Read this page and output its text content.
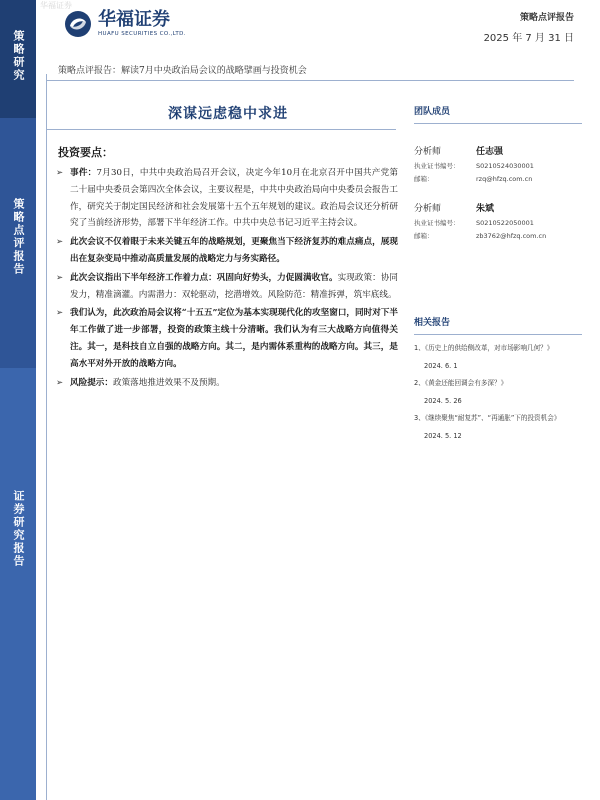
策略研究
策略点评报告
证券研究报告
华福证券
华福证券
HUAFU SECURITIES CO.,LTD.
策略点评报告
2025 年 7 月 31 日
策略点评报告：解读7月中央政治局会议的战略擘画与投资机会
深谋远虑稳中求进
投资要点：
➢ 事件：7月30日，中共中央政治局召开会议，决定今年10月在北京召开中国共产党第二十届中央委员会第四次全体会议，主要议程是，中共中央政治局向中央委员会报告工作，研究关于制定国民经济和社会发展第十五个五年规划的建议。政治局会议还分析研究了当前经济形势，部署下半年经济工作。中共中央总书记习近平主持会议。
➢ 此次会议不仅着眼于未来关键五年的战略规划，更聚焦当下经济复苏的难点痛点，展现出在复杂变局中推动高质量发展的战略定力与务实路径。
➢ 此次会议指出下半年经济工作着力点：巩固向好势头，力促圆满收官。实现政策：协同发力，精准滴灌。内需潜力：双轮驱动，挖潜增效。风险防范：精准拆弹，筑牢底线。
➢ 我们认为，此次政治局会议将“十五五”定位为基本实现现代化的攻坚窗口，同时对下半年工作做了进一步部署，投资的政策主线十分清晰。我们认为有三大战略方向值得关注。其一，是科技自立自强的战略方向。其二，是内需体系重构的战略方向。其三，是高水平对外开放的战略方向。
➢ 风险提示：政策落地推进效果不及预期。
团队成员
分析师	任志强
执业证书编号：	S0210524030001
邮箱：	rzq@hfzq.com.cn
分析师	朱斌
执业证书编号：	S0210522050001
邮箱：	zb3762@hfzq.com.cn
相关报告
1、《历史上的供给侧改革，对市场影响几何？》
2024. 6. 1
2、《黄金还能回调会有多深？》
2024. 5. 26
3、《继续聚焦“耐复苏”、“再通胀”下的投资机会》
2024. 5. 12
